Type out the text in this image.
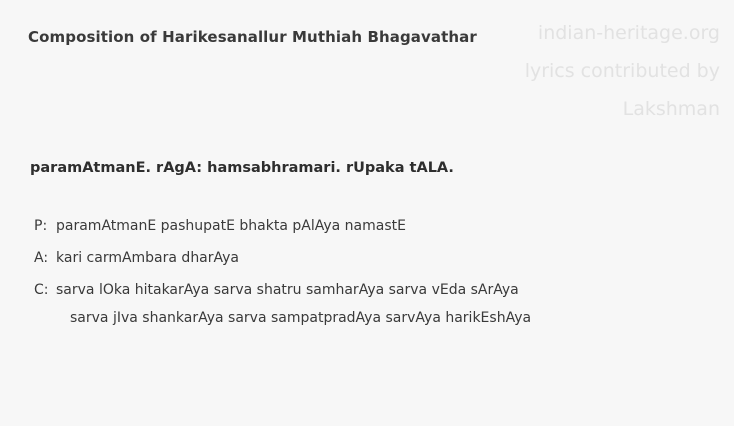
indian-heritage.org
lyrics contributed by
Lakshman
Composition of Harikesanallur Muthiah Bhagavathar
paramAtmanE. rAgA: hamsabhramari. rUpaka tALA.
P: paramAtmanE pashupatE bhakta pAlAya namastE
A: kari carmAmbara dharAya
C: sarva lOka hitakarAya sarva shatru samharAya sarva vEda sArAya
sarva jIva shankarAya sarva sampatpradAya sarvAya harikEshAya
